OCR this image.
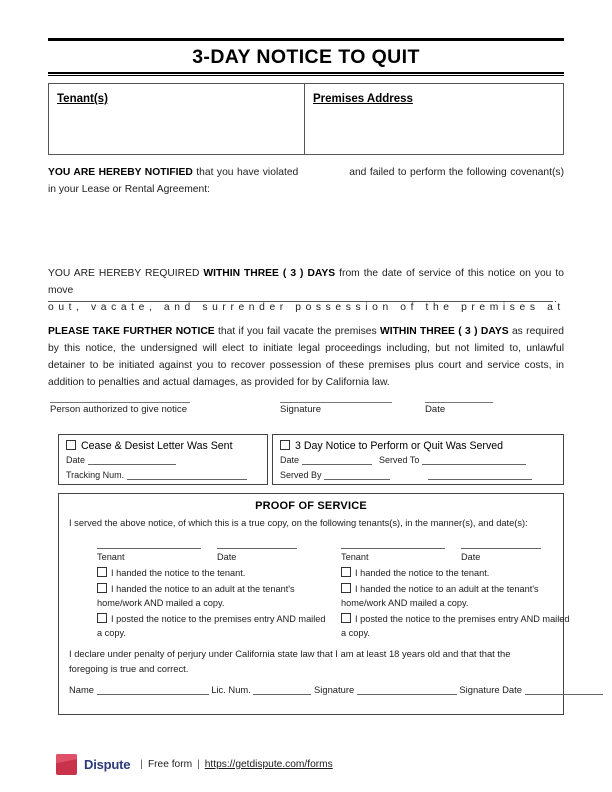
3-DAY NOTICE TO QUIT
Tenant(s)	Premises Address
YOU ARE HEREBY NOTIFIED that you have violated	and failed to perform the following covenant(s) in your Lease or Rental Agreement:
YOU ARE HEREBY REQUIRED WITHIN THREE ( 3 ) DAYS from the date of service of this notice on you to move
out, vacate, and surrender possession of the premises at
.
PLEASE TAKE FURTHER NOTICE that if you fail vacate the premises WITHIN THREE ( 3 ) DAYS as required by this notice, the undersigned will elect to initiate legal proceedings including, but not limited to, unlawful detainer to be initiated against you to recover possession of these premises plus court and service costs, in addition to penalties and actual damages, as provided for by California law.
Person authorized to give notice	Signature	Date
Cease & Desist Letter Was Sent
Date
Tracking Num.
3 Day Notice to Perform or Quit Was Served
Date	Served To
Served By
PROOF OF SERVICE
I served the above notice, of which this is a true copy, on the following tenants(s), in the manner(s), and date(s):
Tenant	Date
I handed the notice to the tenant.
I handed the notice to an adult at the tenant's home/work AND mailed a copy.
I posted the notice to the premises entry AND mailed a copy.
Tenant	Date
I handed the notice to the tenant.
I handed the notice to an adult at the tenant's home/work AND mailed a copy.
I posted the notice to the premises entry AND mailed a copy.
I declare under penalty of perjury under California state law that I am at least 18 years old and that that the foregoing is true and correct.
Name	Lic. Num.	Signature	Signature Date
Dispute | Free form | https://getdispute.com/forms
